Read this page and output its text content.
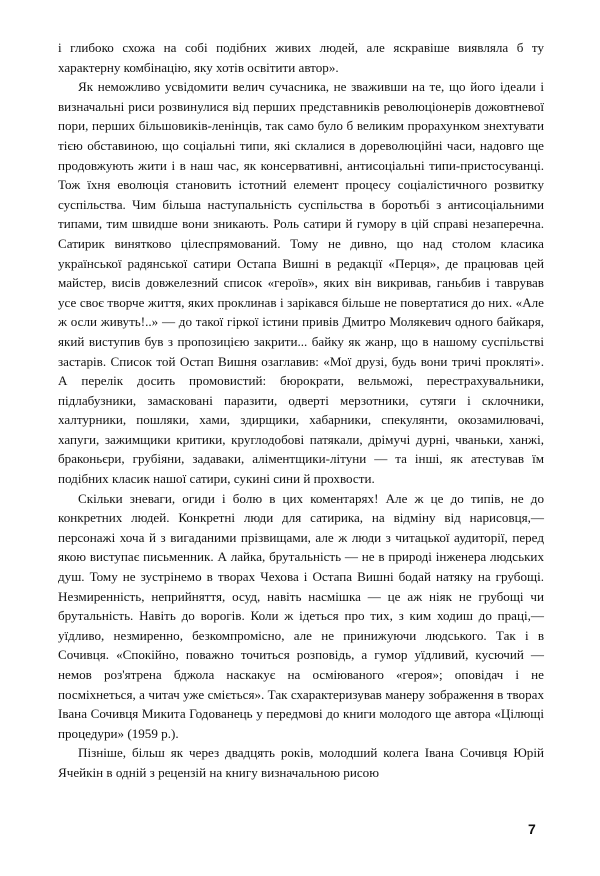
і глибоко схожа на собі подібних живих людей, але яскравіше виявляла б ту характерну комбінацію, яку хотів освітити автор».

Як неможливо усвідомити велич сучасника, не зваживши на те, що його ідеали і визначальні риси розвинулися від перших представників революціонерів дожовтневої пори, перших більшовиків-ленінців, так само було б великим прорахунком знехтувати тією обставиною, що соціальні типи, які склалися в дореволюційні часи, надовго ще продовжують жити і в наш час, як консервативні, антисоціальні типи-пристосуванці. Тож їхня еволюція становить істотний елемент процесу соціалістичного розвитку суспільства. Чим більша наступальність суспільства в боротьбі з антисоціальними типами, тим швидше вони зникають. Роль сатири й гумору в цій справі незаперечна. Сатирик винятково цілеспрямований. Тому не дивно, що над столом класика української радянської сатири Остапа Вишні в редакції «Перця», де працював цей майстер, висів довжелезний список «героїв», яких він викривав, ганьбив і таврував усе своє творче життя, яких проклинав і зарікався більше не повертатися до них. «Але ж осли живуть!..» — до такої гіркої істини привів Дмитро Молякевич одного байкаря, який виступив був з пропозицією закрити... байку як жанр, що в нашому суспільстві застарів. Список той Остап Вишня озаглавив: «Мої друзі, будь вони тричі прокляті». А перелік досить промовистий: бюрократи, вельможі, перестрахувальники, підлабузники, замасковані паразити, одверті мерзотники, сутяги і склочники, халтурники, пошляки, хами, здирщики, хабарники, спекулянти, окозамилювачі, хапуги, зажимщики критики, круглодобові патякали, дрімучі дурні, чваньки, ханжі, браконьєри, грубіяни, задаваки, аліментщики-літуни — та інші, як атестував їм подібних класик нашої сатири, сукині сини й прохвости.

Скільки зневаги, огиди і болю в цих коментарях! Але ж це до типів, не до конкретних людей. Конкретні люди для сатирика, на відміну від нарисовця,— персонажі хоча й з вигаданими прізвищами, але ж люди з читацької аудиторії, перед якою виступає письменник. А лайка, брутальність — не в природі інженера людських душ. Тому не зустрінемо в творах Чехова і Остапа Вишні бодай натяку на грубощі. Незмиренність, неприйняття, осуд, навіть насмішка — це аж ніяк не грубощі чи брутальність. Навіть до ворогів. Коли ж ідеться про тих, з ким ходиш до праці,— уїдливо, незмиренно, безкомпромісно, але не принижуючи людського. Так і в Сочивця. «Спокійно, поважно точиться розповідь, а гумор уїдливий, кусючий — немов роз'ятрена бджола наскакує на осміюваного «героя»; оповідач і не посміхнеться, а читач уже сміється». Так схарактеризував манеру зображення в творах Івана Сочивця Микита Годованець у передмові до книги молодого ще автора «Цілющі процедури» (1959 р.).

Пізніше, більш як через двадцять років, молодший колега Івана Сочивця Юрій Ячейкін в одній з рецензій на книгу визначальною рисою

7
